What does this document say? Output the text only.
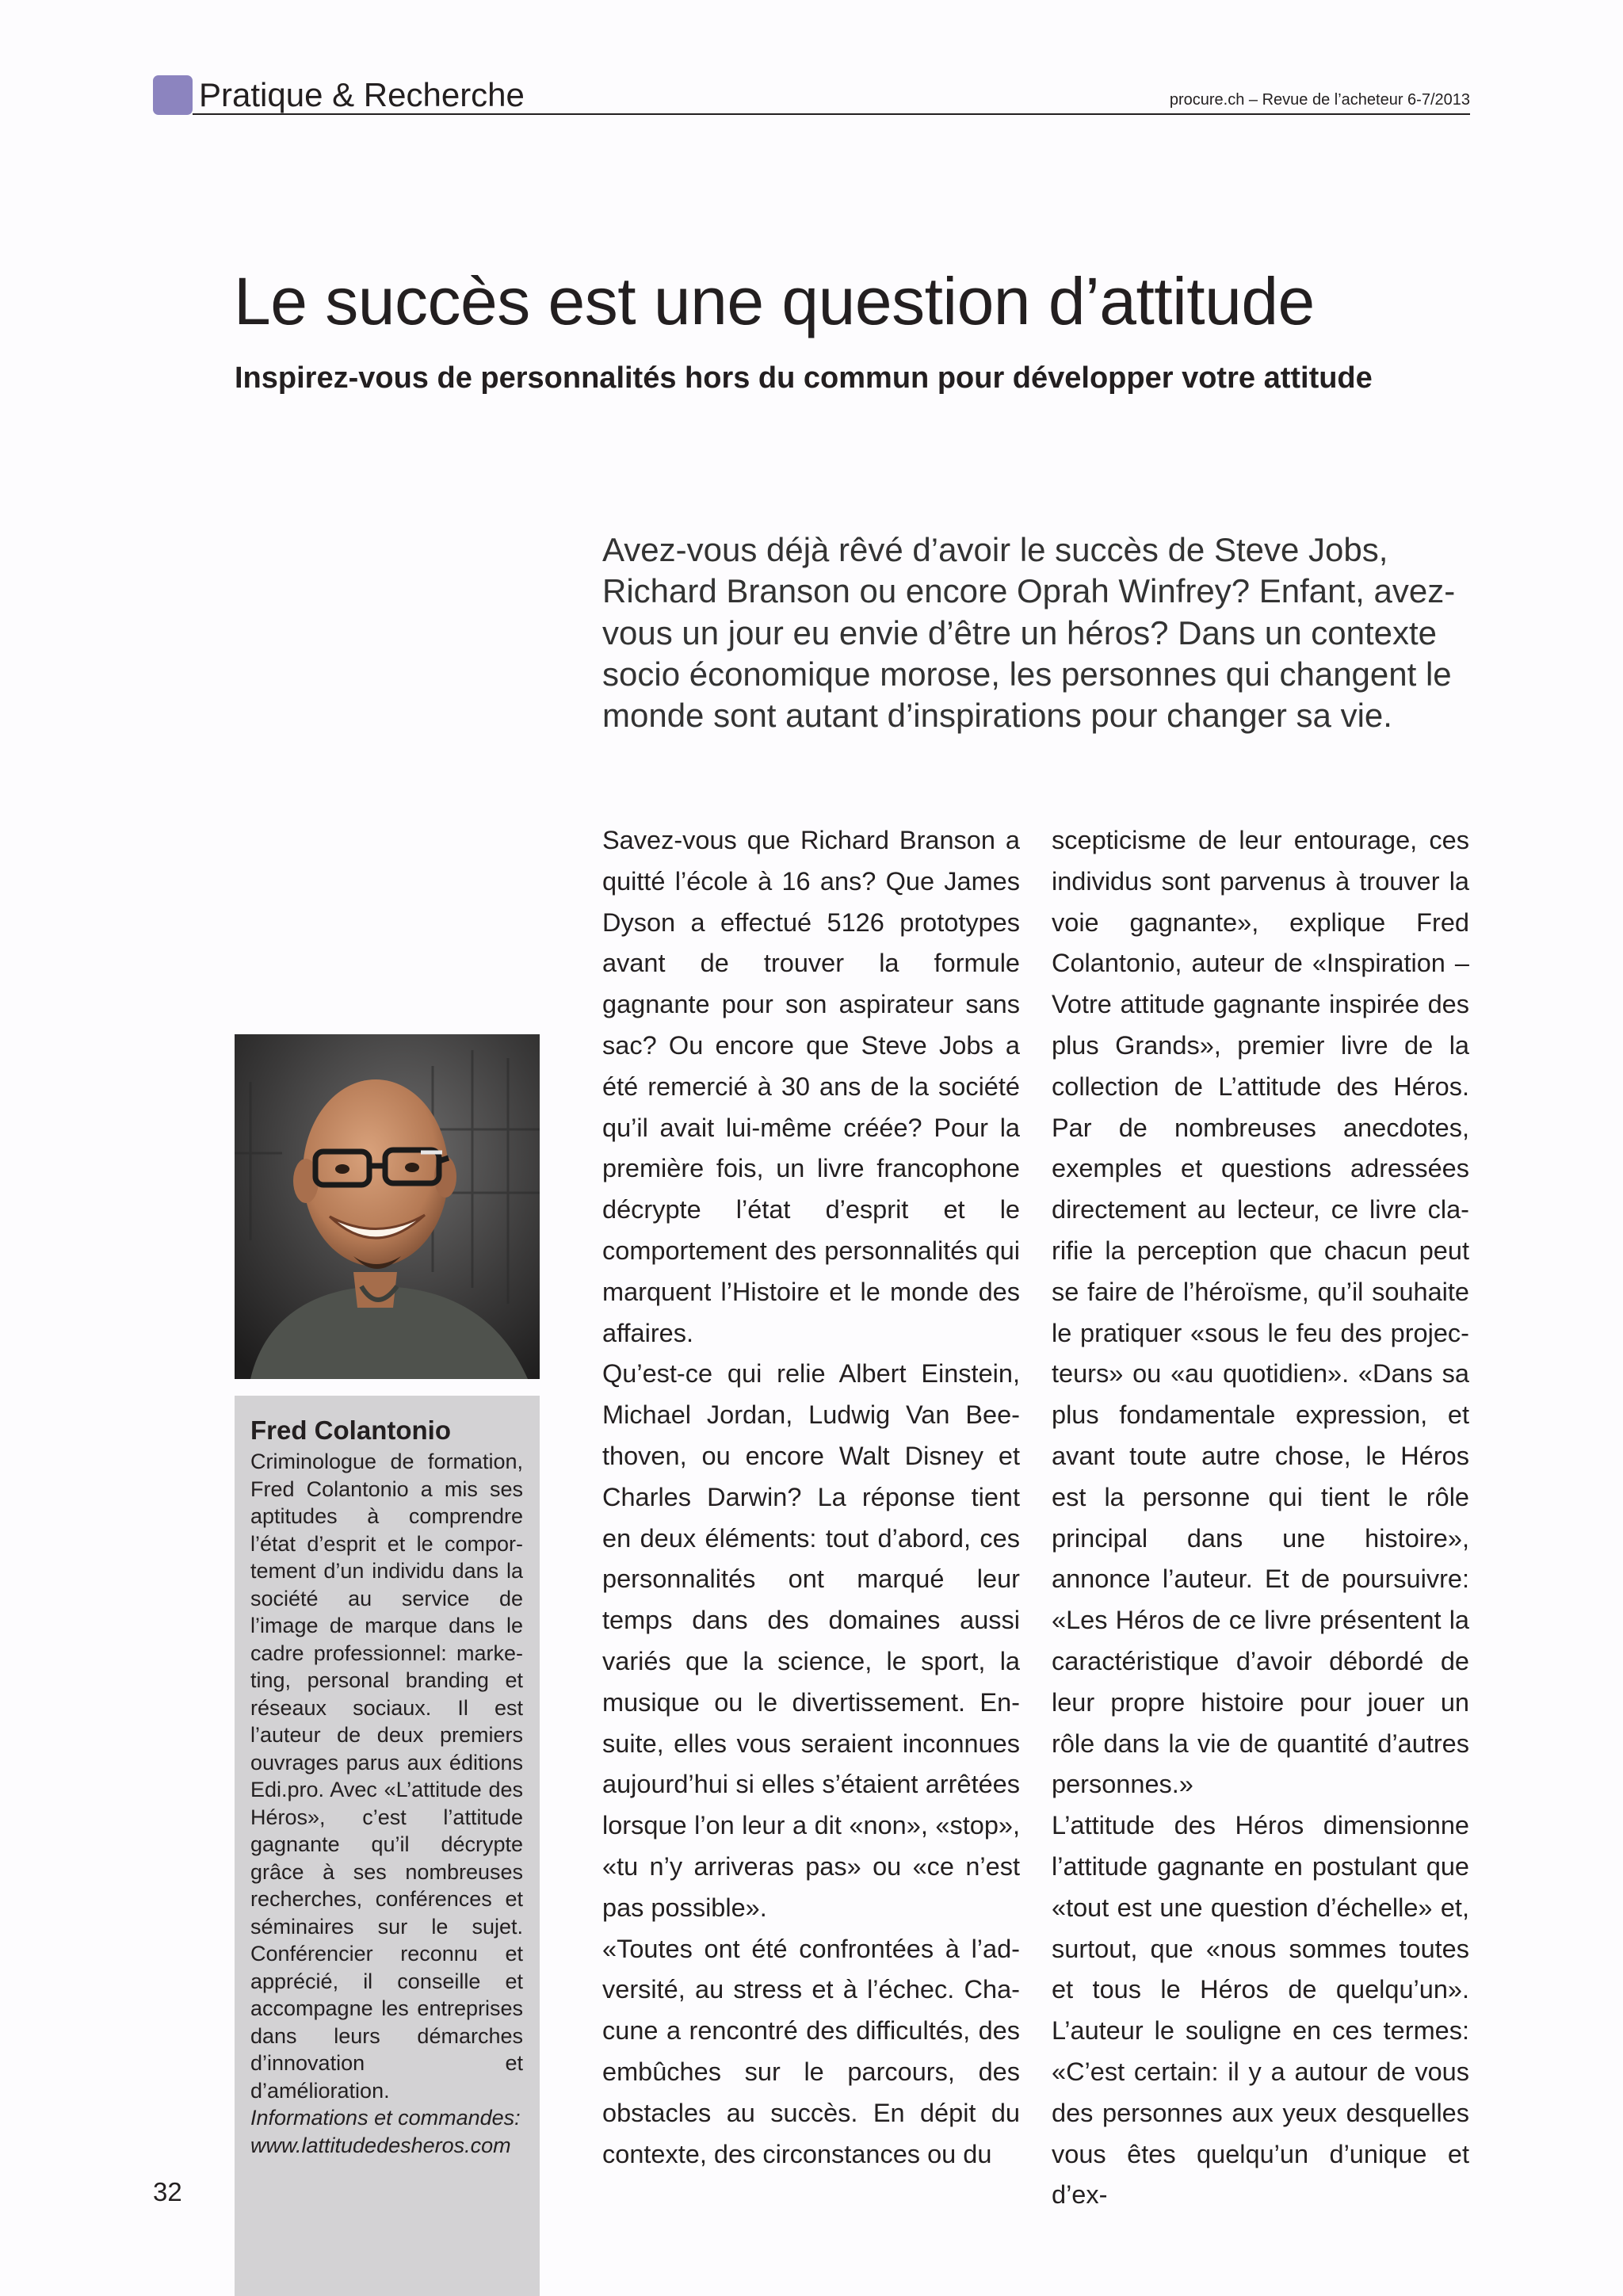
Pratique & Recherche	procure.ch – Revue de l’acheteur 6-7/2013
Le succès est une question d’attitude
Inspirez-vous de personnalités hors du commun pour développer votre attitude

Avez-vous déjà rêvé d’avoir le succès de Steve Jobs, Richard Branson ou encore Oprah Winfrey? Enfant, avez-vous un jour eu envie d’être un héros? Dans un contexte socio économique morose, les personnes qui changent le monde sont autant d’inspirations pour changer sa vie.

Savez-vous que Richard Branson a quitté l’école à 16 ans? Que James Dyson a effectué 5126 prototypes avant de trouver la formule gagnante pour son aspirateur sans sac? Ou encore que Steve Jobs a été remercié à 30 ans de la société qu’il avait lui-même créée? Pour la première fois, un livre francophone décrypte l’état d’esprit et le comportement des personnalités qui marquent l’Histoire et le monde des affaires.

Qu’est-ce qui relie Albert Einstein, Michael Jordan, Ludwig Van Beethoven, ou encore Walt Disney et Charles Darwin? La réponse tient en deux éléments: tout d’abord, ces personnalités ont marqué leur temps dans des domaines aussi variés que la science, le sport, la musique ou le divertissement. Ensuite, elles vous seraient inconnues aujourd’hui si elles s’étaient arrêtées lorsque l’on leur a dit «non», «stop», «tu n’y arriveras pas» ou «ce n’est pas possible».

«Toutes ont été confrontées à l’adversité, au stress et à l’échec. Chacune a rencontré des difficultés, des embûches sur le parcours, des obstacles au succès. En dépit du contexte, des circonstances ou du

scepticisme de leur entourage, ces individus sont parvenus à trouver la voie gagnante», explique Fred Colantonio, auteur de «Inspiration – Votre attitude gagnante inspirée des plus Grands», premier livre de la collection de L’attitude des Héros. Par de nombreuses anecdotes, exemples et questions adressées directement au lecteur, ce livre clarifie la perception que chacun peut se faire de l’héroïsme, qu’il souhaite le pratiquer «sous le feu des projecteurs» ou «au quotidien». «Dans sa plus fondamentale expression, et avant toute autre chose, le Héros est la personne qui tient le rôle principal dans une histoire», annonce l’auteur. Et de poursuivre: «Les Héros de ce livre présentent la caractéristique d’avoir débordé de leur propre histoire pour jouer un rôle dans la vie de quantité d’autres personnes.»

L’attitude des Héros dimensionne l’attitude gagnante en postulant que «tout est une question d’échelle» et, surtout, que «nous sommes toutes et tous le Héros de quelqu’un». L’auteur le souligne en ces termes: «C’est certain: il y a autour de vous des personnes aux yeux desquelles vous êtes quelqu’un d’unique et d’ex-

Fred Colantonio

Criminologue de formation, Fred Colantonio a mis ses aptitudes à comprendre l’état d’esprit et le comportement d’un individu dans la société au service de l’image de marque dans le cadre professionnel: marketing, personal branding et réseaux sociaux. Il est l’auteur de deux premiers ouvrages parus aux éditions Edi.pro. Avec «L’attitude des Héros», c’est l’attitude gagnante qu’il décrypte grâce à ses nombreuses recherches, conférences et séminaires sur le sujet. Conférencier reconnu et apprécié, il conseille et accompagne les entreprises dans leurs démarches d’innovation et d’amélioration.
Informations et commandes:
www.lattitudedesheros.com

32
